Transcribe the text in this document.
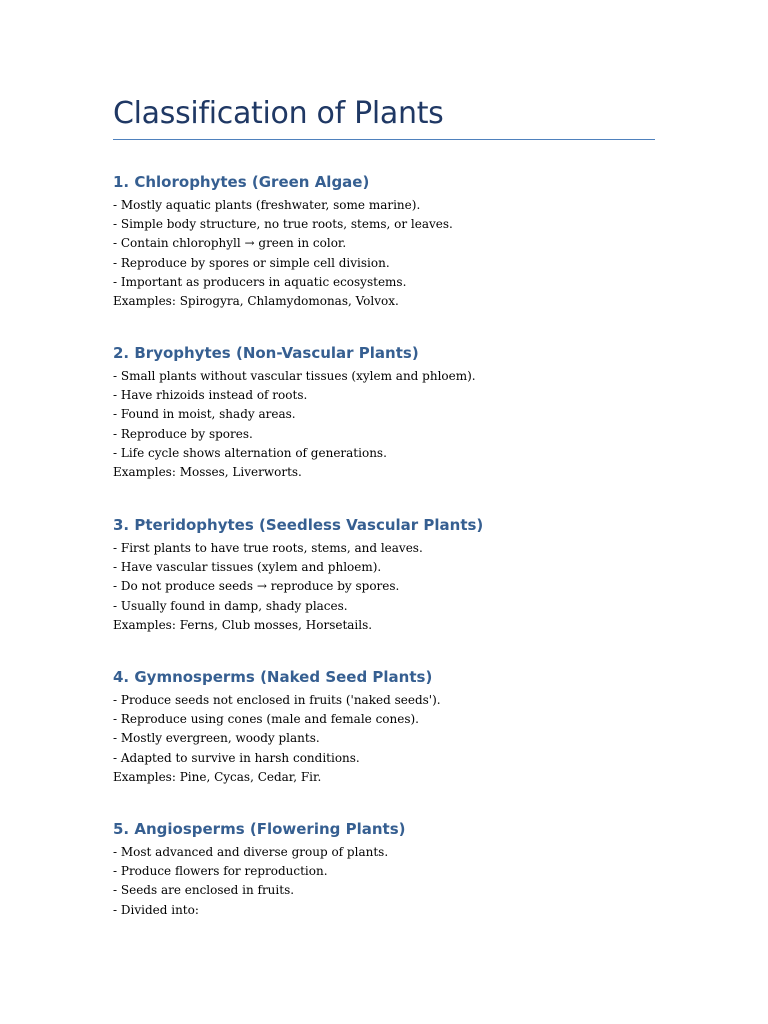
Classification of Plants
1. Chlorophytes (Green Algae)
- Mostly aquatic plants (freshwater, some marine).
- Simple body structure, no true roots, stems, or leaves.
- Contain chlorophyll → green in color.
- Reproduce by spores or simple cell division.
- Important as producers in aquatic ecosystems.
Examples: Spirogyra, Chlamydomonas, Volvox.
2. Bryophytes (Non-Vascular Plants)
- Small plants without vascular tissues (xylem and phloem).
- Have rhizoids instead of roots.
- Found in moist, shady areas.
- Reproduce by spores.
- Life cycle shows alternation of generations.
Examples: Mosses, Liverworts.
3. Pteridophytes (Seedless Vascular Plants)
- First plants to have true roots, stems, and leaves.
- Have vascular tissues (xylem and phloem).
- Do not produce seeds → reproduce by spores.
- Usually found in damp, shady places.
Examples: Ferns, Club mosses, Horsetails.
4. Gymnosperms (Naked Seed Plants)
- Produce seeds not enclosed in fruits ('naked seeds').
- Reproduce using cones (male and female cones).
- Mostly evergreen, woody plants.
- Adapted to survive in harsh conditions.
Examples: Pine, Cycas, Cedar, Fir.
5. Angiosperms (Flowering Plants)
- Most advanced and diverse group of plants.
- Produce flowers for reproduction.
- Seeds are enclosed in fruits.
- Divided into:
